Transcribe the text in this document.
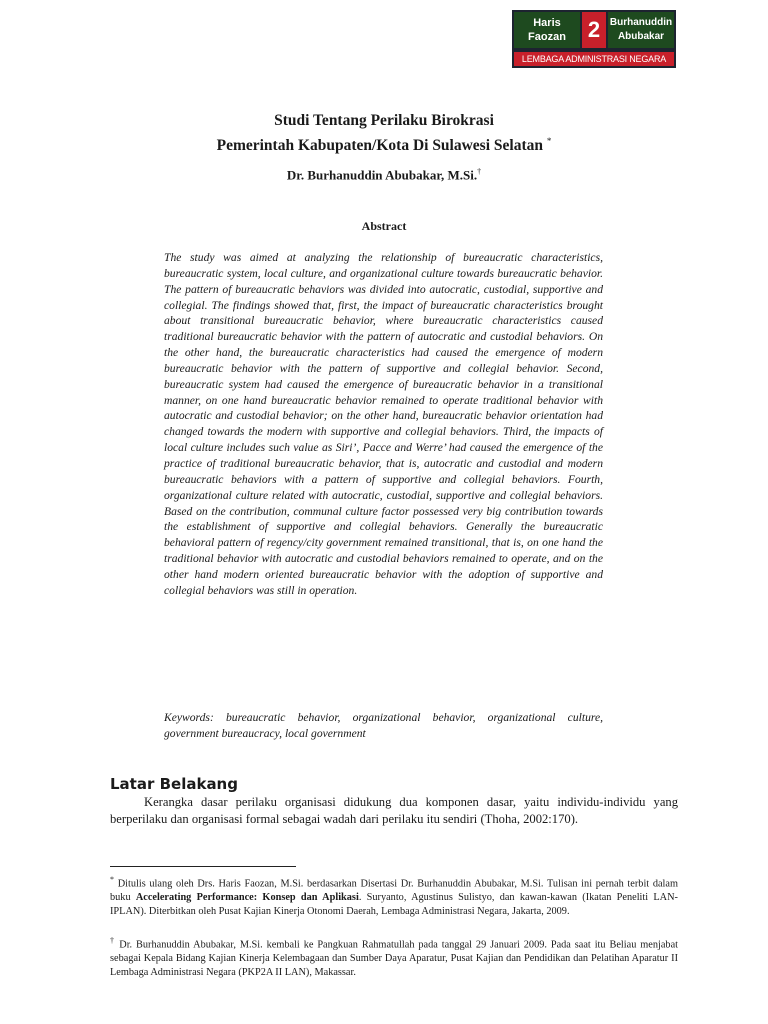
Haris Faozan 2 Burhanuddin Abubakar
LEMBAGA ADMINISTRASI NEGARA
Studi Tentang Perilaku Birokrasi
Pemerintah Kabupaten/Kota Di Sulawesi Selatan *
Dr. Burhanuddin Abubakar, M.Si.†
Abstract

The study was aimed at analyzing the relationship of bureaucratic characteristics, bureaucratic system, local culture, and organizational culture towards bureaucratic behavior. The pattern of bureaucratic behaviors was divided into autocratic, custodial, supportive and collegial. The findings showed that, first, the impact of bureaucratic characteristics brought about transitional bureaucratic behavior, where bureaucratic characteristics caused traditional bureaucratic behavior with the pattern of autocratic and custodial behaviors. On the other hand, the bureaucratic characteristics had caused the emergence of modern bureaucratic behavior with the pattern of supportive and collegial behavior. Second, bureaucratic system had caused the emergence of bureaucratic behavior in a transitional manner, on one hand bureaucratic behavior remained to operate traditional behavior with autocratic and custodial behavior; on the other hand, bureaucratic behavior orientation had changed towards the modern with supportive and collegial behaviors. Third, the impacts of local culture includes such value as Siri’, Pacce and Werre’ had caused the emergence of the practice of traditional bureaucratic behavior, that is, autocratic and custodial and modern bureaucratic behaviors with a pattern of supportive and collegial behaviors. Fourth, organizational culture related with autocratic, custodial, supportive and collegial behaviors. Based on the contribution, communal culture factor possessed very big contribution towards the establishment of supportive and collegial behaviors. Generally the bureaucratic behavioral pattern of regency/city government remained transitional, that is, on one hand the traditional behavior with autocratic and custodial behaviors remained to operate, and on the other hand modern oriented bureaucratic behavior with the adoption of supportive and collegial behaviors was still in operation.

Keywords: bureaucratic behavior, organizational behavior, organizational culture, government bureaucracy, local government

Latar Belakang

Kerangka dasar perilaku organisasi didukung dua komponen dasar, yaitu individu-individu yang berperilaku dan organisasi formal sebagai wadah dari perilaku itu sendiri (Thoha, 2002:170).

* Ditulis ulang oleh Drs. Haris Faozan, M.Si. berdasarkan Disertasi Dr. Burhanuddin Abubakar, M.Si. Tulisan ini pernah terbit dalam buku Accelerating Performance: Konsep dan Aplikasi. Suryanto, Agustinus Sulistyo, dan kawan-kawan (Ikatan Peneliti LAN-IPLAN). Diterbitkan oleh Pusat Kajian Kinerja Otonomi Daerah, Lembaga Administrasi Negara, Jakarta, 2009.

† Dr. Burhanuddin Abubakar, M.Si. kembali ke Pangkuan Rahmatullah pada tanggal 29 Januari 2009. Pada saat itu Beliau menjabat sebagai Kepala Bidang Kajian Kinerja Kelembagaan dan Sumber Daya Aparatur, Pusat Kajian dan Pendidikan dan Pelatihan Aparatur II Lembaga Administrasi Negara (PKP2A II LAN), Makassar.
